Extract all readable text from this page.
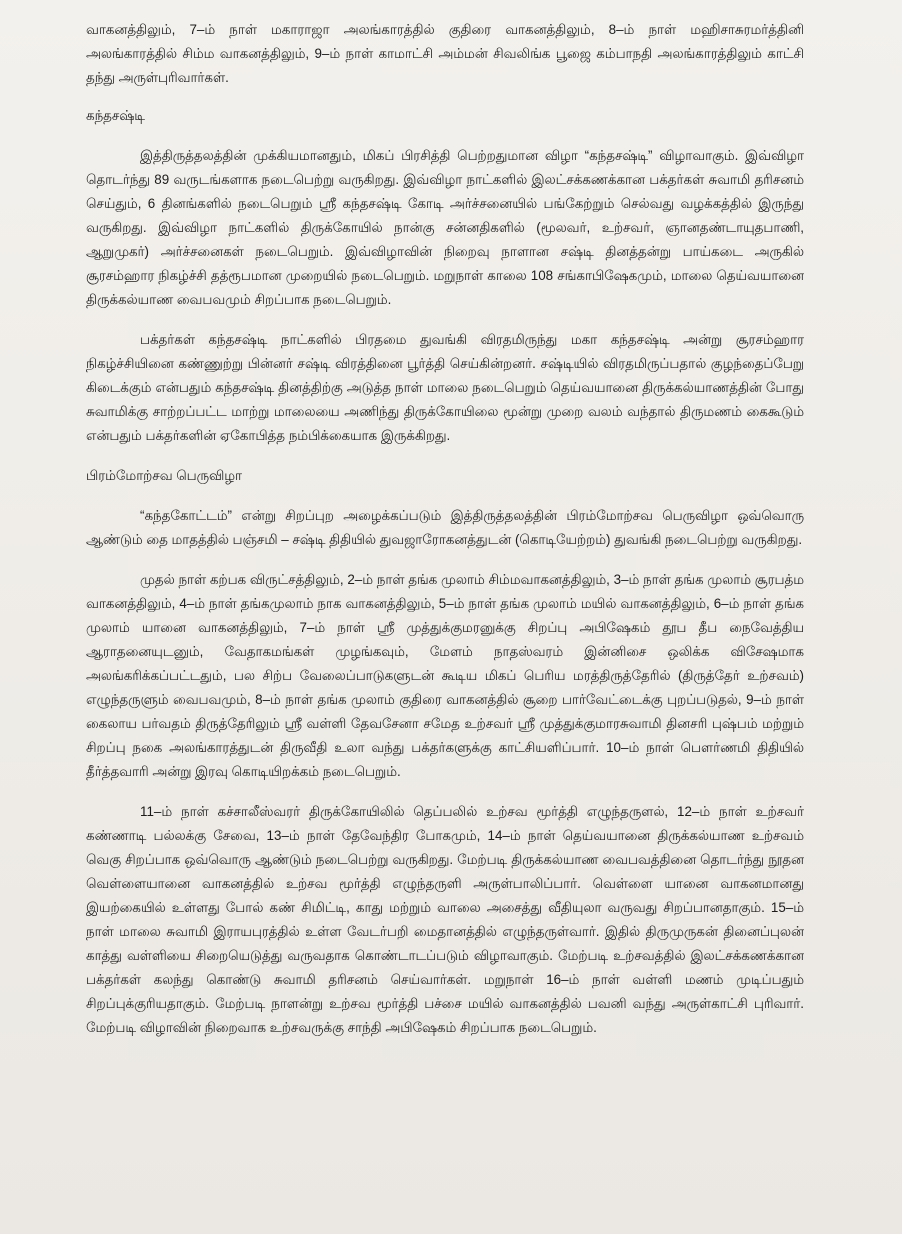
வாகனத்திலும், 7–ம் நாள் மகாராஜா அலங்காரத்தில் குதிரை வாகனத்திலும், 8–ம் நாள் மஹிசாசுரமர்த்தினி அலங்காரத்தில் சிம்ம வாகனத்திலும், 9–ம் நாள் காமாட்சி அம்மன் சிவலிங்க பூஜை கம்பாநதி அலங்காரத்திலும் காட்சி தந்து அருள்புரிவார்கள்.

கந்தசஷ்டி

இத்திருத்தலத்தின் முக்கியமானதும், மிகப் பிரசித்தி பெற்றதுமான விழா “கந்தசஷ்டி” விழாவாகும். இவ்விழா தொடர்ந்து 89 வருடங்களாக நடைபெற்று வருகிறது. இவ்விழா நாட்களில் இலட்சக்கணக்கான பக்தர்கள் சுவாமி தரிசனம் செய்தும், 6 தினங்களில் நடைபெறும் ஸ்ரீ கந்தசஷ்டி கோடி அர்ச்சனையில் பங்கேற்றும் செல்வது வழக்கத்தில் இருந்து வருகிறது. இவ்விழா நாட்களில் திருக்கோயில் நான்கு சன்னதிகளில் (மூலவர், உற்சவர், ஞானதண்டாயுதபாணி, ஆறுமுகர்) அர்ச்சனைகள் நடைபெறும். இவ்விழாவின் நிறைவு நாளான சஷ்டி தினத்தன்று பாய்கடை அருகில் சூரசம்ஹார நிகழ்ச்சி தத்ரூபமான முறையில் நடைபெறும். மறுநாள் காலை 108 சங்காபிஷேகமும், மாலை தெய்வயானை திருக்கல்யாண வைபவமும் சிறப்பாக நடைபெறும்.

பக்தர்கள் கந்தசஷ்டி நாட்களில் பிரதமை துவங்கி விரதமிருந்து மகா கந்தசஷ்டி அன்று சூரசம்ஹார நிகழ்ச்சியினை கண்ணுற்று பின்னர் சஷ்டி விரத்தினை பூர்த்தி செய்கின்றனர். சஷ்டியில் விரதமிருப்பதால் குழந்தைப்பேறு கிடைக்கும் என்பதும் கந்தசஷ்டி தினத்திற்கு அடுத்த நாள் மாலை நடைபெறும் தெய்வயானை திருக்கல்யாணத்தின் போது சுவாமிக்கு சாற்றப்பட்ட மாற்று மாலையை அணிந்து திருக்கோயிலை மூன்று முறை வலம் வந்தால் திருமணம் கைகூடும் என்பதும் பக்தர்களின் ஏகோபித்த நம்பிக்கையாக இருக்கிறது.

பிரம்மோற்சவ பெருவிழா

“கந்தகோட்டம்” என்று சிறப்புற அழைக்கப்படும் இத்திருத்தலத்தின் பிரம்மோற்சவ பெருவிழா ஒவ்வொரு ஆண்டும் தை மாதத்தில் பஞ்சமி – சஷ்டி திதியில் துவஜாரோகனத்துடன் (கொடியேற்றம்) துவங்கி நடைபெற்று வருகிறது.

முதல் நாள் கற்பக விருட்சத்திலும், 2–ம் நாள் தங்க முலாம் சிம்மவாகனத்திலும், 3–ம் நாள் தங்க முலாம் சூரபத்ம வாகனத்திலும், 4–ம் நாள் தங்கமுலாம் நாக வாகனத்திலும், 5–ம் நாள் தங்க முலாம் மயில் வாகனத்திலும், 6–ம் நாள் தங்க முலாம் யானை வாகனத்திலும், 7–ம் நாள் ஸ்ரீ முத்துக்குமரனுக்கு சிறப்பு அபிஷேகம் தூப தீப நைவேத்திய ஆராதனையுடனும், வேதாகமங்கள் முழங்கவும், மேளம் நாதஸ்வரம் இன்னிசை ஒலிக்க விசேஷமாக அலங்கரிக்கப்பட்டதும், பல சிற்ப வேலைப்பாடுகளுடன் கூடிய மிகப் பெரிய மரத்திருத்தேரில் (திருத்தேர் உற்சவம்) எழுந்தருளும் வைபவமும், 8–ம் நாள் தங்க முலாம் குதிரை வாகனத்தில் சூறை பார்வேட்டைக்கு புறப்படுதல், 9–ம் நாள் கைலாய பர்வதம் திருத்தேரிலும் ஸ்ரீ வள்ளி தேவசேனா சமேத உற்சவர் ஸ்ரீ முத்துக்குமாரசுவாமி தினசரி புஷ்பம் மற்றும் சிறப்பு நகை அலங்காரத்துடன் திருவீதி உலா வந்து பக்தர்களுக்கு காட்சியளிப்பார். 10–ம் நாள் பௌர்ணமி திதியில் தீர்த்தவாரி அன்று இரவு கொடியிறக்கம் நடைபெறும்.

11–ம் நாள் கச்சாலீஸ்வரர் திருக்கோயிலில் தெப்பலில் உற்சவ மூர்த்தி எழுந்தருளல், 12–ம் நாள் உற்சவர் கண்ணாடி பல்லக்கு சேவை, 13–ம் நாள் தேவேந்திர போகமும், 14–ம் நாள் தெய்வயானை திருக்கல்யாண உற்சவம் வெகு சிறப்பாக ஒவ்வொரு ஆண்டும் நடைபெற்று வருகிறது. மேற்படி திருக்கல்யாண வைபவத்தினை தொடர்ந்து நூதன வெள்ளையானை வாகனத்தில் உற்சவ மூர்த்தி எழுந்தருளி அருள்பாலிப்பார். வெள்ளை யானை வாகனமானது இயற்கையில் உள்ளது போல் கண் சிமிட்டி, காது மற்றும் வாலை அசைத்து வீதியுலா வருவது சிறப்பானதாகும். 15–ம் நாள் மாலை சுவாமி இராயபுரத்தில் உள்ள வேடர்பறி மைதானத்தில் எழுந்தருள்வார். இதில் திருமுருகன் தினைப்புலன் காத்து வள்ளியை சிறையெடுத்து வருவதாக கொண்டாடப்படும் விழாவாகும். மேற்படி உற்சவத்தில் இலட்சக்கணக்கான பக்தர்கள் கலந்து கொண்டு சுவாமி தரிசனம் செய்வார்கள். மறுநாள் 16–ம் நாள் வள்ளி மணம் முடிப்பதும் சிறப்புக்குரியதாகும். மேற்படி நாளன்று உற்சவ மூர்த்தி பச்சை மயில் வாகனத்தில் பவனி வந்து அருள்காட்சி புரிவார். மேற்படி விழாவின் நிறைவாக உற்சவருக்கு சாந்தி அபிஷேகம் சிறப்பாக நடைபெறும்.
